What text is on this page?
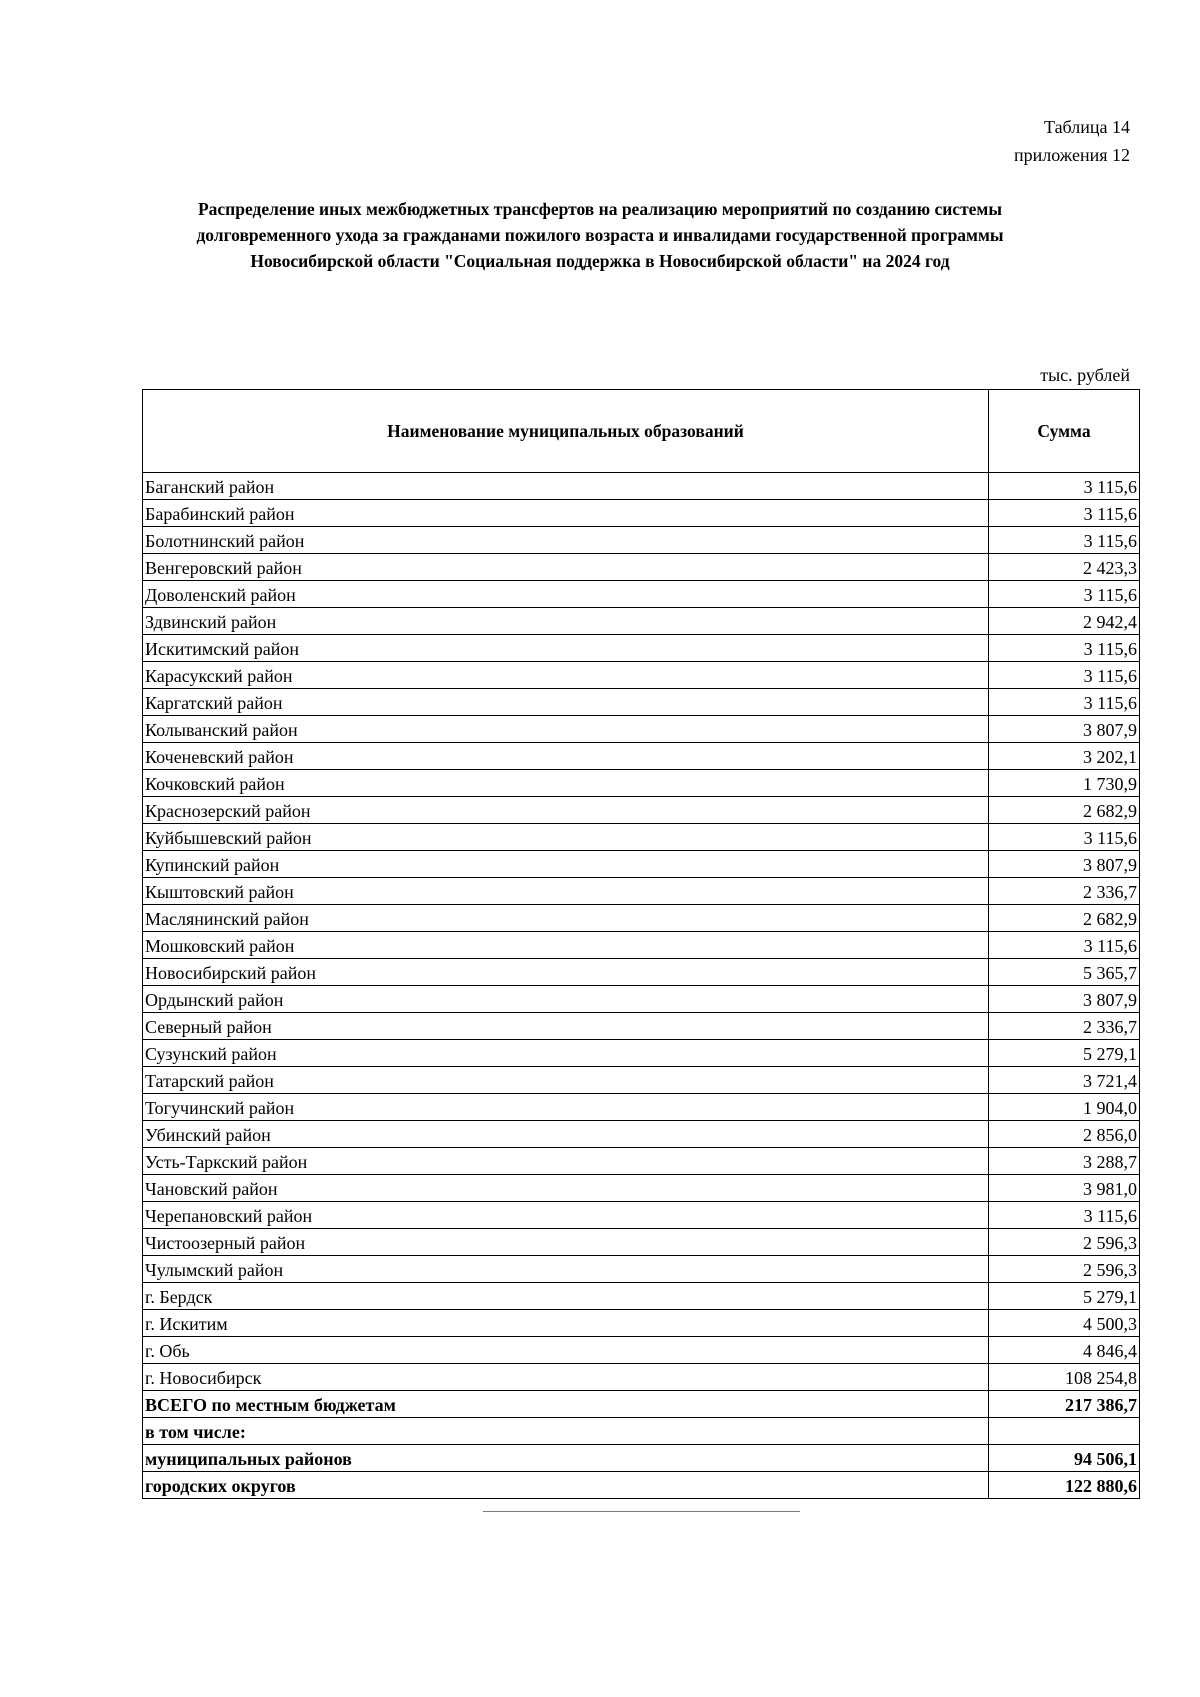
Таблица 14
приложения 12
Распределение иных межбюджетных трансфертов на реализацию мероприятий по созданию системы
долговременного ухода за гражданами пожилого возраста и инвалидами государственной программы
Новосибирской области "Социальная поддержка в Новосибирской области" на 2024 год
тыс. рублей
Наименование муниципальных образований	Сумма
Баганский район	3 115,6
Барабинский район	3 115,6
Болотнинский район	3 115,6
Венгеровский район	2 423,3
Доволенский район	3 115,6
Здвинский район	2 942,4
Искитимский район	3 115,6
Карасукский район	3 115,6
Каргатский район	3 115,6
Колыванский район	3 807,9
Коченевский район	3 202,1
Кочковский район	1 730,9
Краснозерский район	2 682,9
Куйбышевский район	3 115,6
Купинский район	3 807,9
Кыштовский район	2 336,7
Маслянинский район	2 682,9
Мошковский район	3 115,6
Новосибирский район	5 365,7
Ордынский район	3 807,9
Северный район	2 336,7
Сузунский район	5 279,1
Татарский район	3 721,4
Тогучинский район	1 904,0
Убинский район	2 856,0
Усть-Таркский район	3 288,7
Чановский район	3 981,0
Черепановский район	3 115,6
Чистоозерный район	2 596,3
Чулымский район	2 596,3
г. Бердск	5 279,1
г. Искитим	4 500,3
г. Обь	4 846,4
г. Новосибирск	108 254,8
ВСЕГО по местным бюджетам	217 386,7
в том числе:	
муниципальных районов	94 506,1
городских округов	122 880,6
